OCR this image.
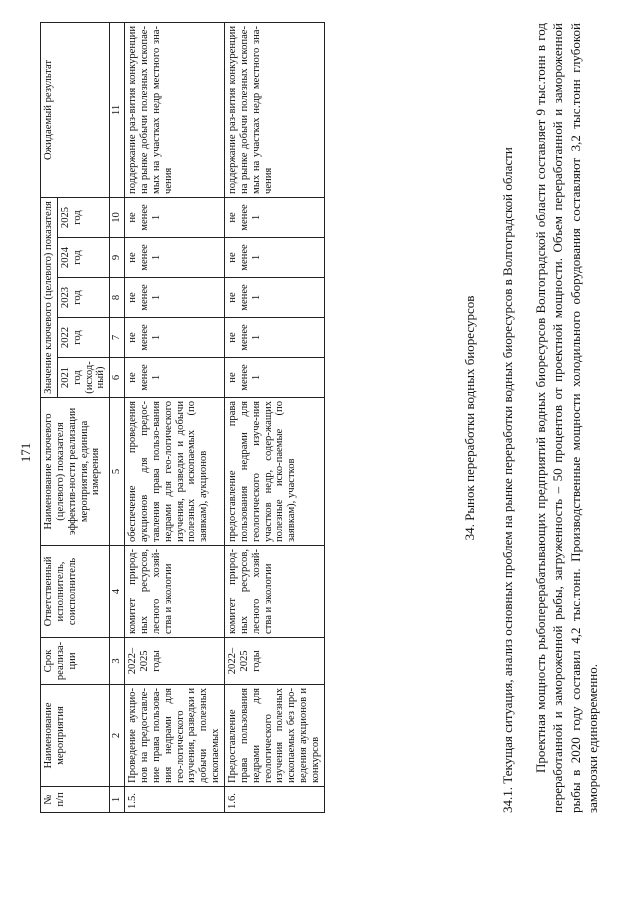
171
№ п/п	Наименование мероприятия	Срок реализа-ции	Ответственный исполнитель, соисполнитель	Наименование ключевого (целевого) показателя эффектив-ности реализации мероприятия, единица измерения	Значение ключевого (целевого) показателя					Ожидаемый результат
					2021 год (исход-ный)	2022 год	2023 год	2024 год	2025 год	
1	2	3	4	5	6	7	8	9	10	11
1.5.	Проведение аукцио-нов на предоставле-ние права пользова-ния недрами для гео-логического изучения, разведки и добычи полезных ископаемых	2022–2025 годы	комитет природ-ных ресурсов, лесного хозяй-ства и экологии	обеспечение проведения аукционов для предос-тавления права пользо-вания недрами для гео-логического изучения, разведки и добычи полезных ископаемых (по заявкам), аукционов	не менее 1	не менее 1	не менее 1	не менее 1	не менее 1	поддержание раз-вития конкуренции на рынке добычи полезных ископае-мых на участках недр местного зна-чения
1.6.	Предоставление права пользования недрами для геологического изучения полезных ископаемых без про-ведения аукционов и конкурсов	2022–2025 годы	комитет природ-ных ресурсов, лесного хозяй-ства и экологии	предоставление права пользования недрами для геологического изуче-ния участков недр, содер-жащих полезные иско-паемые (по заявкам), участков	не менее 1	не менее 1	не менее 1	не менее 1	не менее 1	поддержание раз-вития конкуренции на рынке добычи полезных ископае-мых на участках недр местного зна-чения
34. Рынок переработки водных биоресурсов 34.1. Текущая ситуация, анализ основных проблем на рынке переработки водных биоресурсов в Волгоградской области Проектная мощность рыбоперерабатывающих предприятий водных биоресурсов Волгоградской области составляет 9 тыс.тонн в год переработанной и замороженной рыбы, загруженность – 50 процентов от проектной мощности. Объем переработанной и замороженной рыбы в 2020 году составил 4,2 тыс.тонн. Производственные мощности холодильного оборудования составляют 3,2 тыс.тонн глубокой заморозки единовременно.
